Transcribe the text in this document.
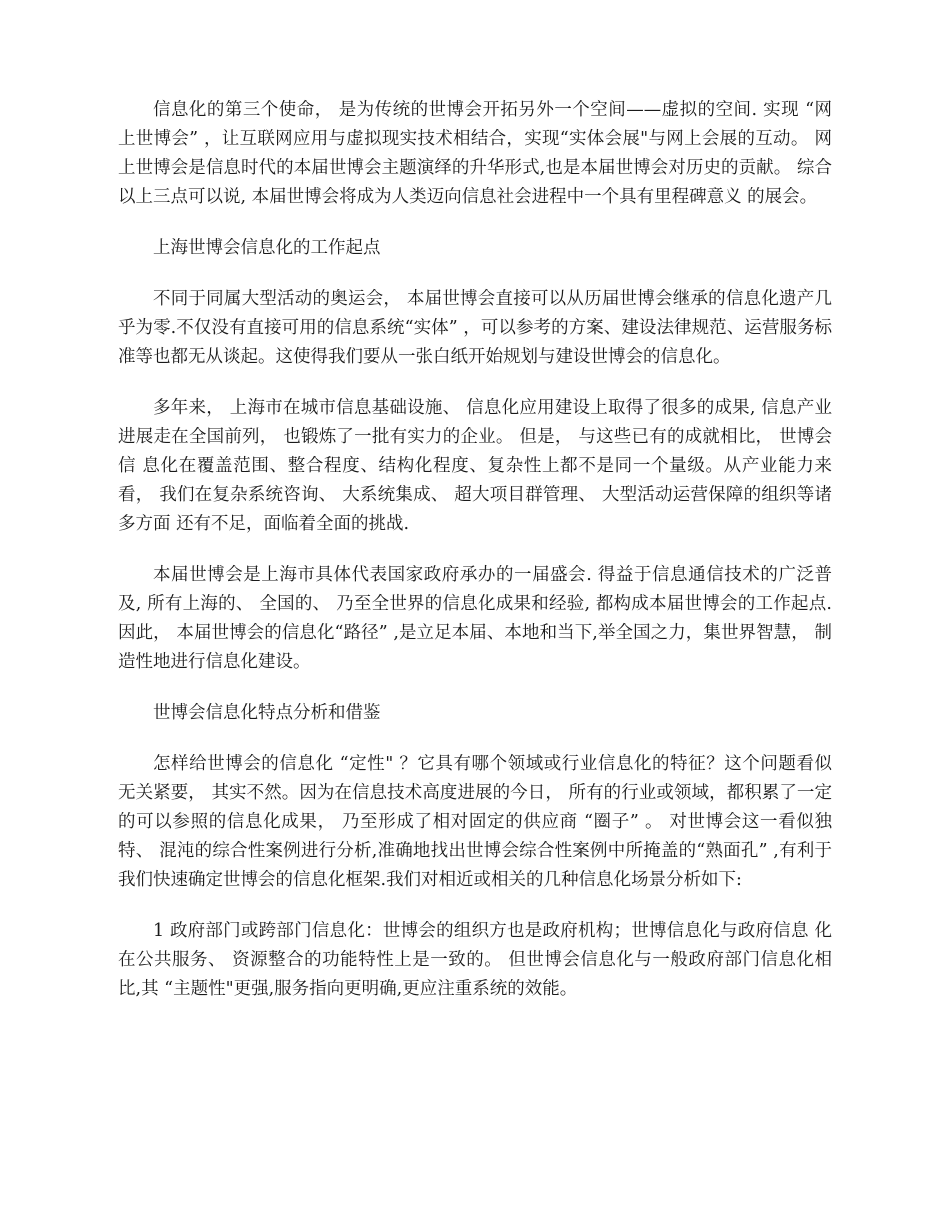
信息化的第三个使命， 是为传统的世博会开拓另外一个空间——虚拟的空间. 实现 “网 上世博会” ，让互联网应用与虚拟现实技术相结合，实现“实体会展"与网上会展的互动。 网上世博会是信息时代的本届世博会主题演绎的升华形式,也是本届世博会对历史的贡献。 综合以上三点可以说, 本届世博会将成为人类迈向信息社会进程中一个具有里程碑意义 的展会。

上海世博会信息化的工作起点

不同于同属大型活动的奥运会， 本届世博会直接可以从历届世博会继承的信息化遗产几 乎为零.不仅没有直接可用的信息系统“实体” ，可以参考的方案、建设法律规范、运营服务标 准等也都无从谈起。这使得我们要从一张白纸开始规划与建设世博会的信息化。

多年来， 上海市在城市信息基础设施、 信息化应用建设上取得了很多的成果, 信息产业 进展走在全国前列， 也锻炼了一批有实力的企业。 但是， 与这些已有的成就相比， 世博会信 息化在覆盖范围、整合程度、结构化程度、复杂性上都不是同一个量级。从产业能力来看， 我们在复杂系统咨询、 大系统集成、 超大项目群管理、 大型活动运营保障的组织等诸多方面 还有不足，面临着全面的挑战.

本届世博会是上海市具体代表国家政府承办的一届盛会. 得益于信息通信技术的广泛普 及, 所有上海的、 全国的、 乃至全世界的信息化成果和经验, 都构成本届世博会的工作起点. 因此， 本届世博会的信息化“路径” ,是立足本届、本地和当下,举全国之力，集世界智慧， 制造性地进行信息化建设。

世博会信息化特点分析和借鉴

怎样给世博会的信息化 “定性" ？它具有哪个领域或行业信息化的特征？这个问题看似 无关紧要， 其实不然。因为在信息技术高度进展的今日， 所有的行业或领域，都积累了一定 的可以参照的信息化成果， 乃至形成了相对固定的供应商 “圈子” 。 对世博会这一看似独特、 混沌的综合性案例进行分析,准确地找出世博会综合性案例中所掩盖的“熟面孔” ,有利于 我们快速确定世博会的信息化框架.我们对相近或相关的几种信息化场景分析如下:

1 政府部门或跨部门信息化：世博会的组织方也是政府机构；世博信息化与政府信息 化在公共服务、 资源整合的功能特性上是一致的。 但世博会信息化与一般政府部门信息化相 比,其 “主题性"更强,服务指向更明确,更应注重系统的效能。
